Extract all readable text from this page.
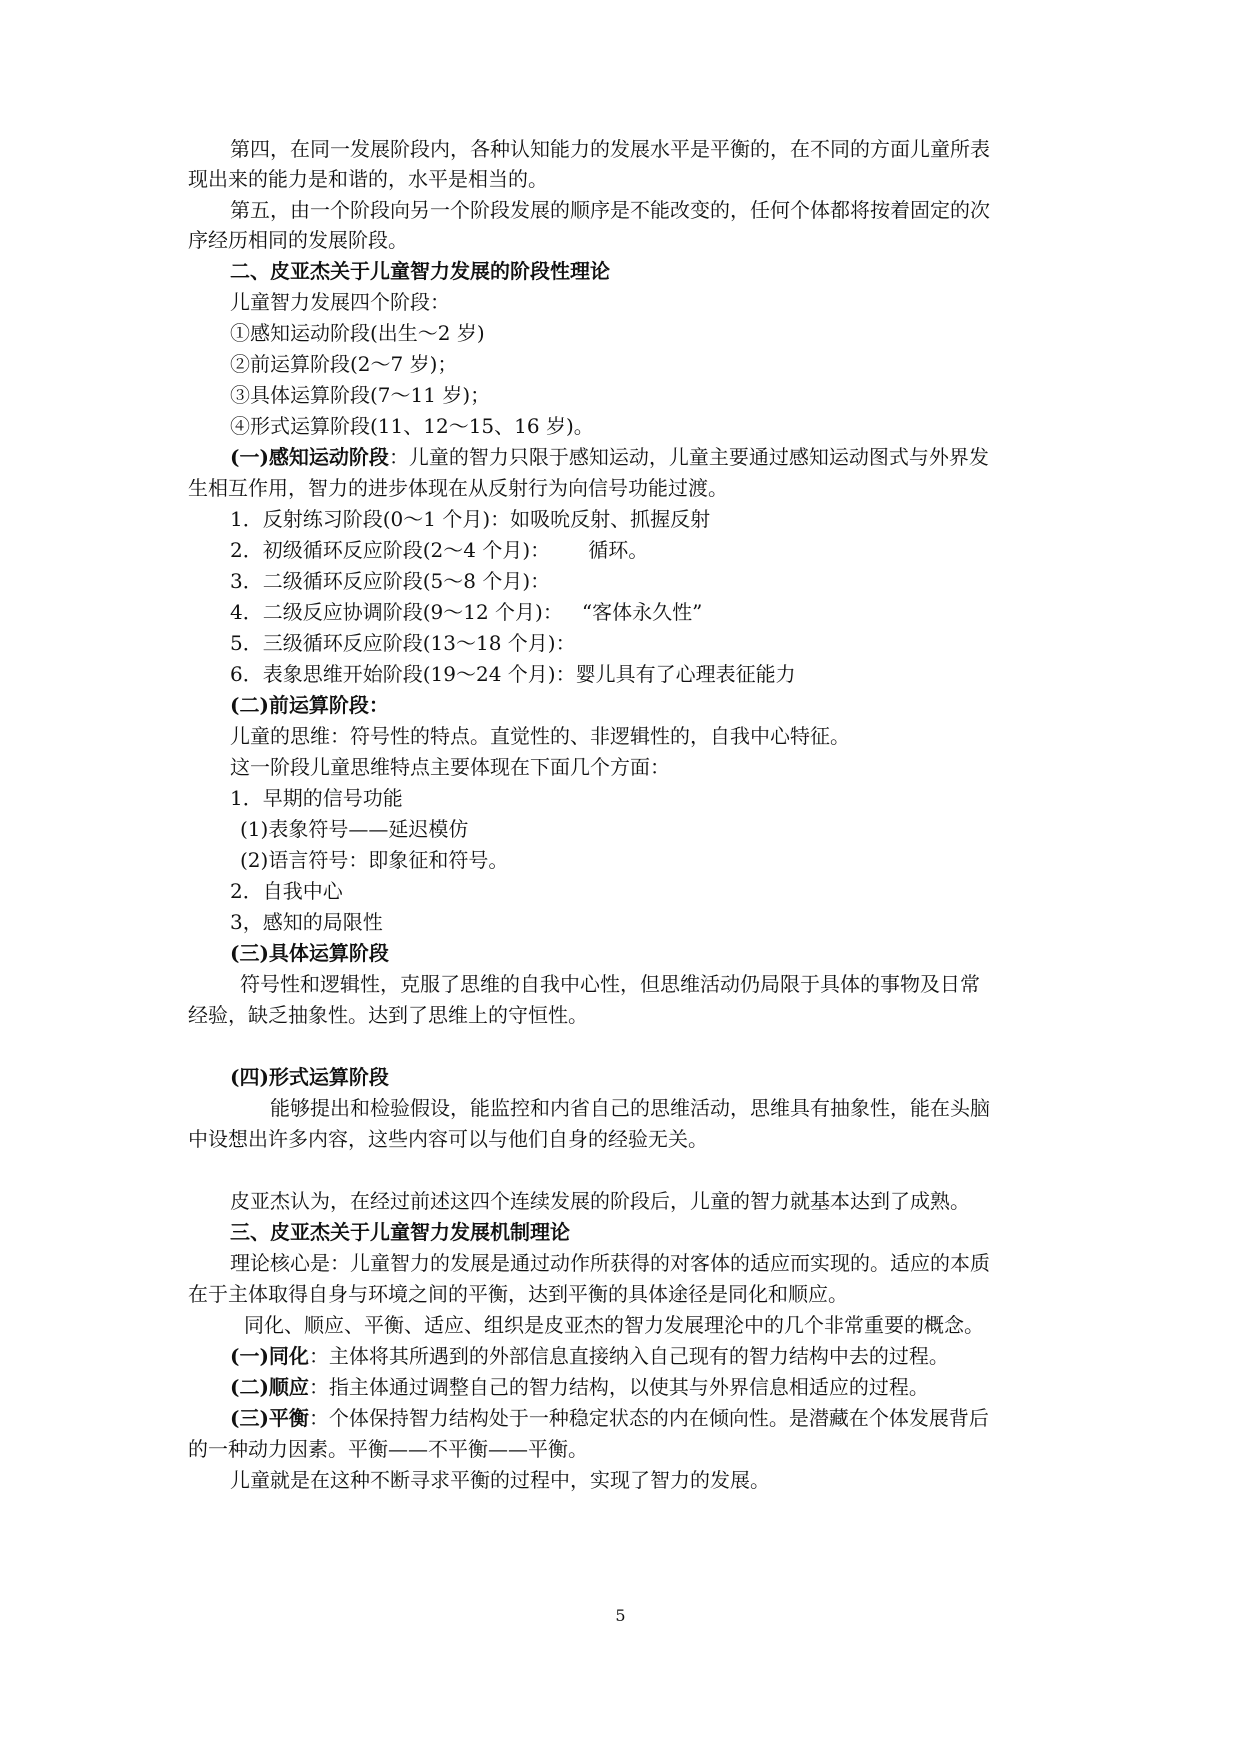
第四，在同一发展阶段内，各种认知能力的发展水平是平衡的，在不同的方面儿童所表
现出来的能力是和谐的，水平是相当的。
第五，由一个阶段向另一个阶段发展的顺序是不能改变的，任何个体都将按着固定的次
序经历相同的发展阶段。
二、皮亚杰关于儿童智力发展的阶段性理论
儿童智力发展四个阶段：
①感知运动阶段(出生～2 岁)
②前运算阶段(2～7 岁)；
③具体运算阶段(7～11 岁)；
④形式运算阶段(11、12～15、16 岁)。
(一)感知运动阶段：儿童的智力只限于感知运动，儿童主要通过感知运动图式与外界发
生相互作用，智力的进步体现在从反射行为向信号功能过渡。
1．反射练习阶段(0～1 个月)：如吸吮反射、抓握反射
2．初级循环反应阶段(2～4 个月)：      循环。
3．二级循环反应阶段(5～8 个月)：
4．二级反应协调阶段(9～12 个月)：   “客体永久性”
5．三级循环反应阶段(13～18 个月)：
6．表象思维开始阶段(19～24 个月)：婴儿具有了心理表征能力
(二)前运算阶段：
儿童的思维：符号性的特点。直觉性的、非逻辑性的，自我中心特征。
这一阶段儿童思维特点主要体现在下面几个方面：
1．早期的信号功能
(1)表象符号——延迟模仿
(2)语言符号：即象征和符号。
2．自我中心
3，感知的局限性
(三)具体运算阶段
符号性和逻辑性，克服了思维的自我中心性，但思维活动仍局限于具体的事物及日常
经验，缺乏抽象性。达到了思维上的守恒性。
(四)形式运算阶段
能够提出和检验假设，能监控和内省自己的思维活动，思维具有抽象性，能在头脑
中设想出许多内容，这些内容可以与他们自身的经验无关。
皮亚杰认为，在经过前述这四个连续发展的阶段后，儿童的智力就基本达到了成熟。
三、皮亚杰关于儿童智力发展机制理论
理论核心是：儿童智力的发展是通过动作所获得的对客体的适应而实现的。适应的本质
在于主体取得自身与环境之间的平衡，达到平衡的具体途径是同化和顺应。
同化、顺应、平衡、适应、组织是皮亚杰的智力发展理沦中的几个非常重要的概念。
(一)同化：主体将其所遇到的外部信息直接纳入自己现有的智力结构中去的过程。
(二)顺应：指主体通过调整自己的智力结构，以使其与外界信息相适应的过程。
(三)平衡：个体保持智力结构处于一种稳定状态的内在倾向性。是潜藏在个体发展背后
的一种动力因素。平衡——不平衡——平衡。
儿童就是在这种不断寻求平衡的过程中，实现了智力的发展。
5
